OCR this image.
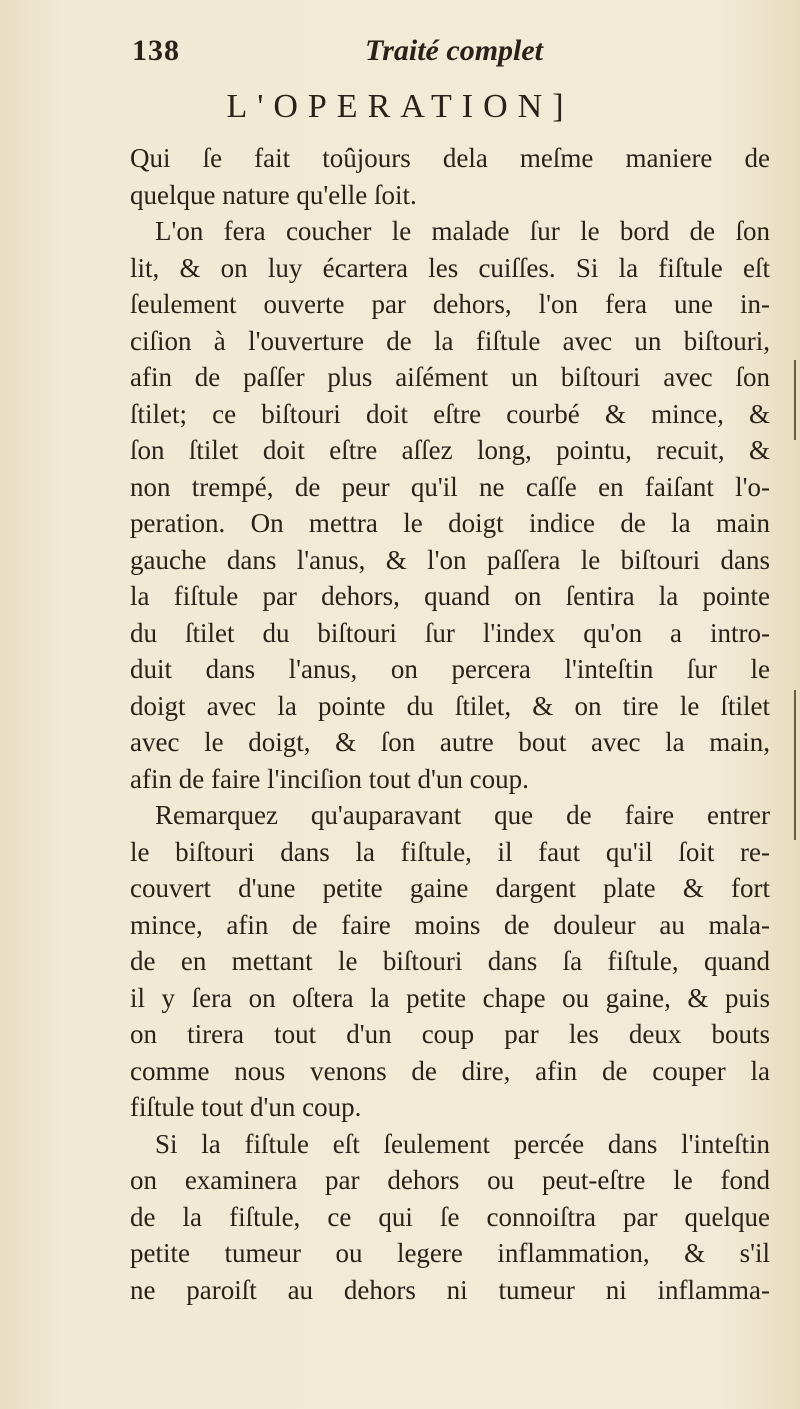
138	Traité complet
L'OPERATION]
Qui ſe fait toûjours dela meſme maniere de
quelque nature qu'elle ſoit.
L'on fera coucher le malade ſur le bord de ſon
lit, & on luy écartera les cuiſſes. Si la fiſtule eſt
ſeulement ouverte par dehors, l'on fera une in-
ciſion à l'ouverture de la fiſtule avec un biſtouri,
afin de paſſer plus aiſément un biſtouri avec ſon
ſtilet; ce biſtouri doit eſtre courbé & mince, &
ſon ſtilet doit eſtre aſſez long, pointu, recuit, &
non trempé, de peur qu'il ne caſſe en faiſant l'o-
peration. On mettra le doigt indice de la main
gauche dans l'anus, & l'on paſſera le biſtouri dans
la fiſtule par dehors, quand on ſentira la pointe
du ſtilet du biſtouri ſur l'index qu'on a intro-
duit dans l'anus, on percera l'inteſtin ſur le
doigt avec la pointe du ſtilet, & on tire le ſtilet
avec le doigt, & ſon autre bout avec la main,
afin de faire l'inciſion tout d'un coup.
Remarquez qu'auparavant que de faire entrer
le biſtouri dans la fiſtule, il faut qu'il ſoit re-
couvert d'une petite gaine dargent plate & fort
mince, afin de faire moins de douleur au mala-
de en mettant le biſtouri dans ſa fiſtule, quand
il y ſera on oſtera la petite chape ou gaine, & puis
on tirera tout d'un coup par les deux bouts
comme nous venons de dire, afin de couper la
fiſtule tout d'un coup.
Si la fiſtule eſt ſeulement percée dans l'inteſtin
on examinera par dehors ou peut-eſtre le fond
de la fiſtule, ce qui ſe connoiſtra par quelque
petite tumeur ou legere inflammation, & s'il
ne paroiſt au dehors ni tumeur ni inflamma-
